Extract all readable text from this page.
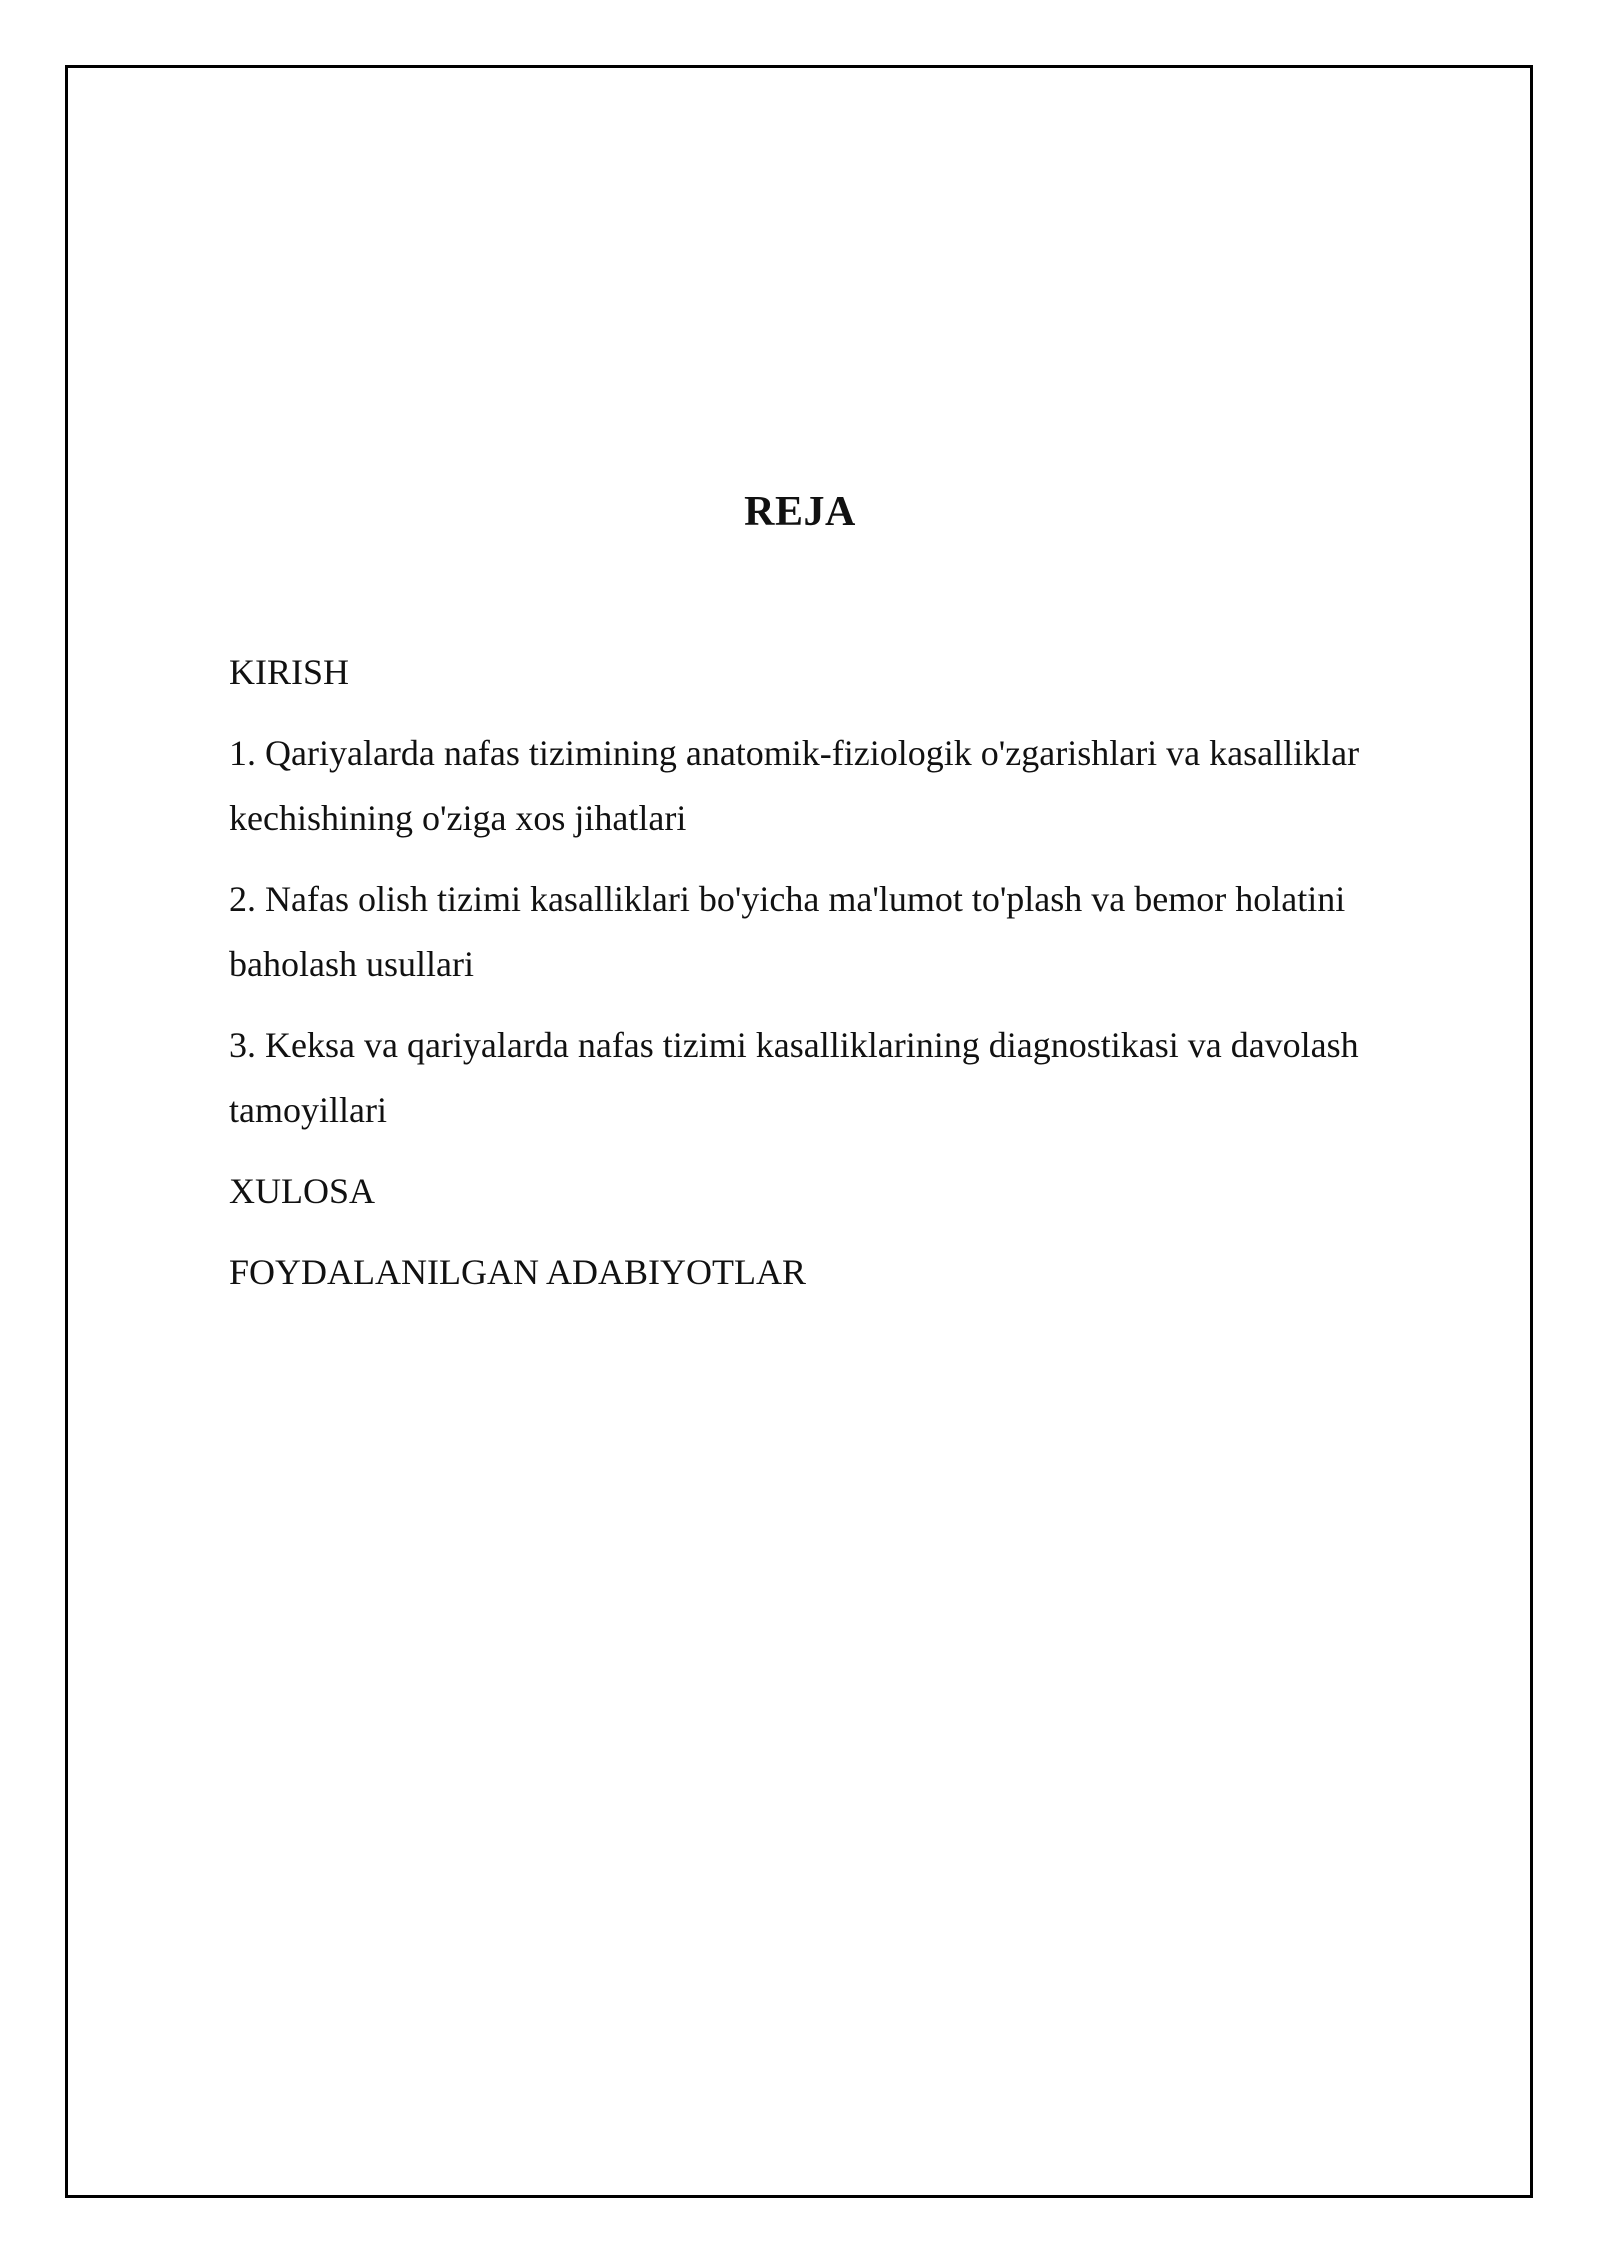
REJA
KIRISH
1. Qariyalarda nafas tizimining anatomik-fiziologik o'zgarishlari va kasalliklar kechishining o'ziga xos jihatlari
2. Nafas olish tizimi kasalliklari bo'yicha ma'lumot to'plash va bemor holatini baholash usullari
3. Keksa va qariyalarda nafas tizimi kasalliklarining diagnostikasi va davolash tamoyillari
XULOSA
FOYDALANILGAN ADABIYOTLAR
